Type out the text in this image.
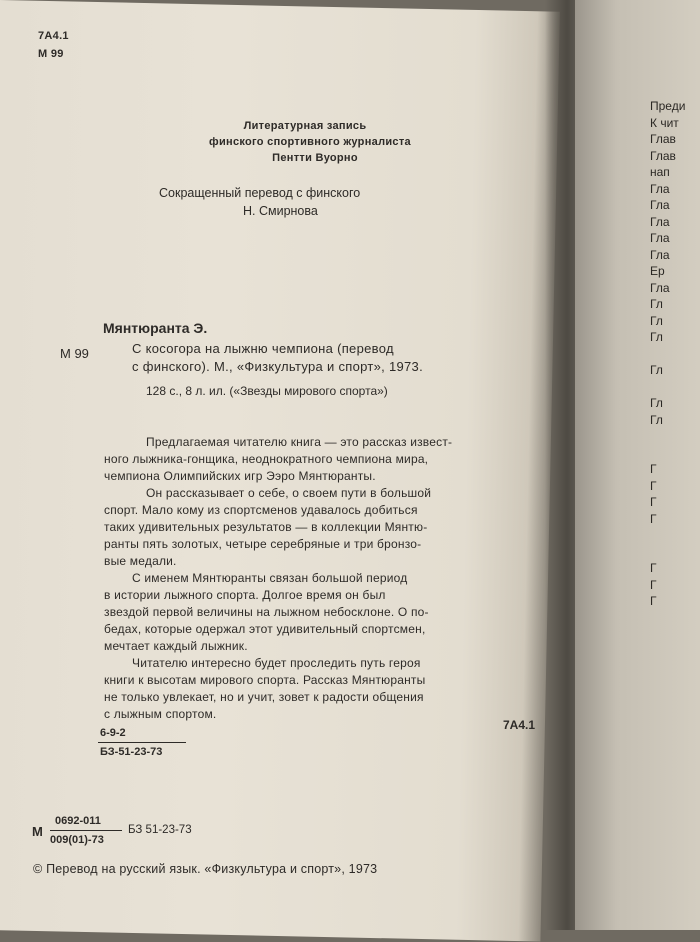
Преди
К чит
Глав
Глав
нап
Гла
Гла
Гла
Гла
Гла
Ер
Гла
Гл
Гл
Гл

Гл

Гл
Гл

Г
Г
Г
Г

Г
Г
Г
7А4.1
М 99
Литературная запись
финского спортивного журналиста
Пентти Вуорно
Сокращенный перевод с финского
Н. Смирнова
Мянтюранта Э.
М 99	С косогора на лыжню чемпиона (перевод
с финского). М., «Физкультура и спорт», 1973.
128 с., 8 л. ил. («Звезды мирового спорта»)
Предлагаемая читателю книга — это рассказ извест-
ного лыжника-гонщика, неоднократного чемпиона мира,
чемпиона Олимпийских игр Ээро Мянтюранты.
Он рассказывает о себе, о своем пути в большой
спорт. Мало кому из спортсменов удавалось добиться
таких удивительных результатов — в коллекции Мянтю-
ранты пять золотых, четыре серебряные и три бронзо-
вые медали.
С именем Мянтюранты связан большой период
в истории лыжного спорта. Долгое время он был
звездой первой величины на лыжном небосклоне. О по-
бедах, которые одержал этот удивительный спортсмен,
мечтает каждый лыжник.
Читателю интересно будет проследить путь героя
книги к высотам мирового спорта. Рассказ Мянтюранты
не только увлекает, но и учит, зовет к радости общения
с лыжным спортом.
7А4.1
6-9-2
БЗ-51-23-73
М
0692-011
009(01)-73
БЗ 51-23-73
© Перевод на русский язык. «Физкультура и спорт», 1973
